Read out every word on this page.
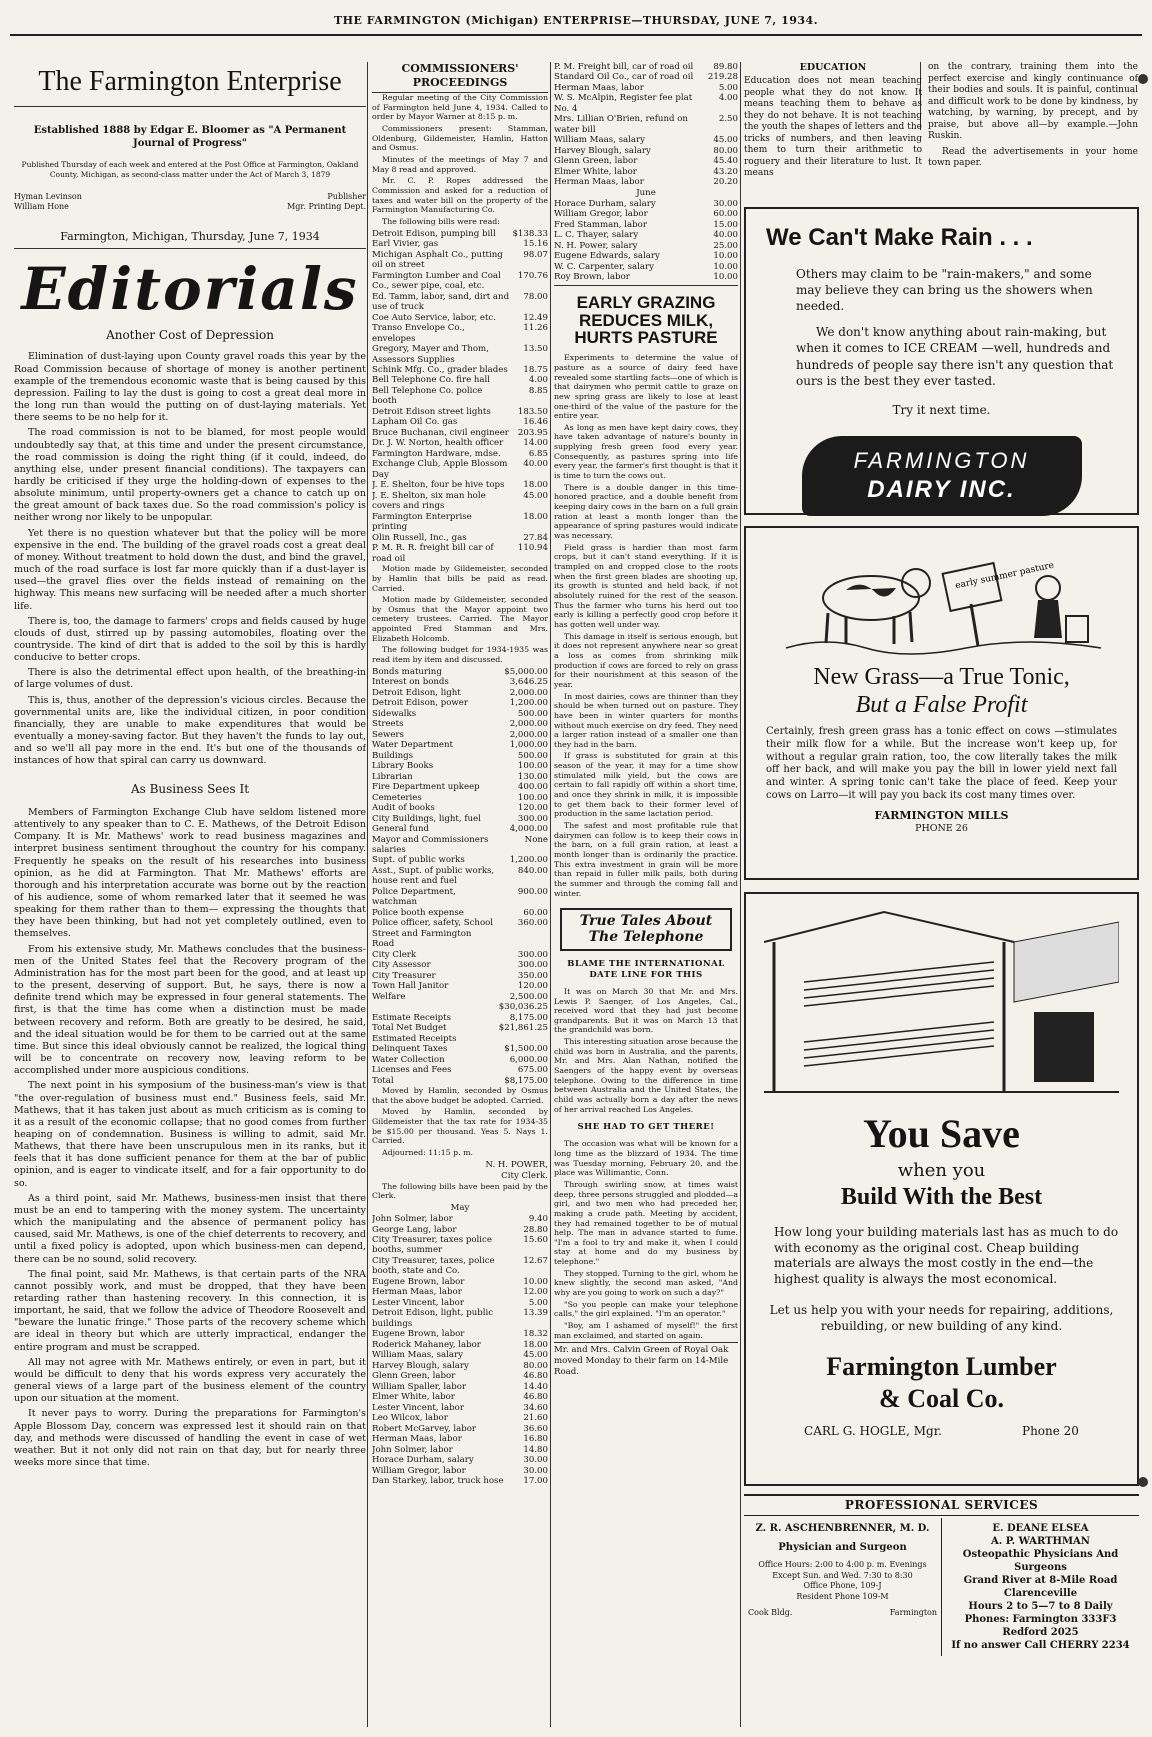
THE FARMINGTON (Michigan) ENTERPRISE—THURSDAY, JUNE 7, 1934.
The Farmington Enterprise
Established 1888 by Edgar E. Bloomer as "A Permanent Journal of Progress"
Published Thursday of each week and entered at the Post Office at Farmington, Oakland County, Michigan, as second-class matter under the Act of March 3, 1879
Hyman Levinson
William Hone
Publisher
Mgr. Printing Dept.
Farmington, Michigan, Thursday, June 7, 1934
Editorials
Another Cost of Depression

Elimination of dust-laying upon County gravel roads this year by the Road Commission because of shortage of money is another pertinent example of the tremendous economic waste that is being caused by this depression. Failing to lay the dust is going to cost a great deal more in the long run than would the putting on of dust-laying materials. Yet there seems to be no help for it.

The road commission is not to be blamed, for most people would undoubtedly say that, at this time and under the present circumstance, the road commission is doing the right thing (if it could, indeed, do anything else, under present financial conditions). The taxpayers can hardly be criticised if they urge the holding-down of expenses to the absolute minimum, until property-owners get a chance to catch up on the great amount of back taxes due. So the road commission's policy is neither wrong nor likely to be unpopular.

Yet there is no question whatever but that the policy will be more expensive in the end. The building of the gravel roads cost a great deal of money. Without treatment to hold down the dust, and bind the gravel, much of the road surface is lost far more quickly than if a dust-layer is used—the gravel flies over the fields instead of remaining on the highway. This means new surfacing will be needed after a much shorter life.

There is, too, the damage to farmers' crops and fields caused by huge clouds of dust, stirred up by passing automobiles, floating over the countryside. The kind of dirt that is added to the soil by this is hardly conducive to better crops.

There is also the detrimental effect upon health, of the breathing-in of large volumes of dust.

This is, thus, another of the depression's vicious circles. Because the governmental units are, like the individual citizen, in poor condition financially, they are unable to make expenditures that would be eventually a money-saving factor. But they haven't the funds to lay out, and so we'll all pay more in the end. It's but one of the thousands of instances of how that spiral can carry us downward.

As Business Sees It

Members of Farmington Exchange Club have seldom listened more attentively to any speaker than to C. E. Mathews, of the Detroit Edison Company. It is Mr. Mathews' work to read business magazines and interpret business sentiment throughout the country for his company. Frequently he speaks on the result of his researches into business opinion, as he did at Farmington. That Mr. Mathews' efforts are thorough and his interpretation accurate was borne out by the reaction of his audience, some of whom remarked later that it seemed he was speaking for them rather than to them— expressing the thoughts that they have been thinking, but had not yet completely outlined, even to themselves.

From his extensive study, Mr. Mathews concludes that the business-men of the United States feel that the Recovery program of the Administration has for the most part been for the good, and at least up to the present, deserving of support. But, he says, there is now a definite trend which may be expressed in four general statements. The first, is that the time has come when a distinction must be made between recovery and reform. Both are greatly to be desired, he said, and the ideal situation would be for them to be carried out at the same time. But since this ideal obviously cannot be realized, the logical thing will be to concentrate on recovery now, leaving reform to be accomplished under more auspicious conditions.

The next point in his symposium of the business-man's view is that "the over-regulation of business must end." Business feels, said Mr. Mathews, that it has taken just about as much criticism as is coming to it as a result of the economic collapse; that no good comes from further heaping on of condemnation. Business is willing to admit, said Mr. Mathews, that there have been unscrupulous men in its ranks, but it feels that it has done sufficient penance for them at the bar of public opinion, and is eager to vindicate itself, and for a fair opportunity to do so.

As a third point, said Mr. Mathews, business-men insist that there must be an end to tampering with the money system. The uncertainty which the manipulating and the absence of permanent policy has caused, said Mr. Mathews, is one of the chief deterrents to recovery, and until a fixed policy is adopted, upon which business-men can depend, there can be no sound, solid recovery.

The final point, said Mr. Mathews, is that certain parts of the NRA cannot possibly work, and must be dropped, that they have been retarding rather than hastening recovery. In this connection, it is important, he said, that we follow the advice of Theodore Roosevelt and "beware the lunatic fringe." Those parts of the recovery scheme which are ideal in theory but which are utterly impractical, endanger the entire program and must be scrapped.

All may not agree with Mr. Mathews entirely, or even in part, but it would be difficult to deny that his words express very accurately the general views of a large part of the business element of the country upon our situation at the moment.

It never pays to worry. During the preparations for Farmington's Apple Blossom Day, concern was expressed lest it should rain on that day, and methods were discussed of handling the event in case of wet weather. But it not only did not rain on that day, but for nearly three weeks more since that time.

COMMISSIONERS' PROCEEDINGS

Regular meeting of the City Commission of Farmington held June 4, 1934. Called to order by Mayor Warner at 8:15 p. m.

Commissioners present: Stamman, Oldenburg, Gildemeister, Hamlin, Hatton and Osmus.

Minutes of the meetings of May 7 and May 8 read and approved.

Mr. C. P. Ropes addressed the Commission and asked for a reduction of taxes and water bill on the property of the Farmington Manufacturing Co.

The following bills were read:

Detroit Edison, pumping bill	$138.33
Earl Vivier, gas	15.16
Michigan Asphalt Co., putting oil on street	98.07
Farmington Lumber and Coal Co., sewer pipe, coal, etc.	170.76
Ed. Tamm, labor, sand, dirt and use of truck	78.00
Coe Auto Service, labor, etc.	12.49
Transo Envelope Co., envelopes	11.26
Gregory, Mayer and Thom, Assessors Supplies	13.50
Schink Mfg. Co., grader blades	18.75
Bell Telephone Co. fire hall	4.00
Bell Telephone Co. police booth	8.85
Detroit Edison street lights	183.50
Lapham Oil Co. gas	16.46
Bruce Buchanan, civil engineer	203.95
Dr. J. W. Norton, health officer	14.00
Farmington Hardware, mdse.	6.85
Exchange Club, Apple Blossom Day	40.00
J. E. Shelton, four be hive tops	18.00
J. E. Shelton, six man hole covers and rings	45.00
Farmington Enterprise printing	18.00
Olin Russell, Inc., gas	27.84
P. M. R. R. freight bill car of road oil	110.94

Motion made by Gildemeister, seconded by Hamlin that bills be paid as read. Carried.

Motion made by Gildemeister, seconded by Osmus that the Mayor appoint two cemetery trustees. Carried. The Mayor appointed Fred Stamman and Mrs. Elizabeth Holcomb.

The following budget for 1934-1935 was read item by item and discussed.

Bonds maturing	$5,000.00
Interest on bonds	3,646.25
Detroit Edison, light	2,000.00
Detroit Edison, power	1,200.00
Sidewalks	500.00
Streets	2,000.00
Sewers	2,000.00
Water Department	1,000.00
Buildings	500.00
Library Books	100.00
Librarian	130.00
Fire Department upkeep	400.00
Cemeteries	100.00
Audit of books	120.00
City Buildings, light, fuel	300.00
General fund	4,000.00
Mayor and Commissioners salaries	None
Supt. of public works	1,200.00
Asst., Supt. of public works, house rent and fuel	840.00
Police Department, watchman	900.00
Police booth expense	60.00
Police officer, safety, School Street and Farmington Road	360.00
City Clerk	300.00
City Assessor	300.00
City Treasurer	350.00
Town Hall Janitor	120.00
Welfare	2,500.00
	$30,036.25
Estimate Receipts	8,175.00
Total Net Budget	$21,861.25
Estimated Receipts	
Delinquent Taxes	$1,500.00
Water Collection	6,000.00
Licenses and Fees	675.00
Total	$8,175.00

Moved by Hamlin, seconded by Osmus that the above budget be adopted. Carried.

Moved by Hamlin, seconded by Gildemeister that the tax rate for 1934-35 be $15.00 per thousand. Yeas 5. Nays 1. Carried.

Adjourned: 11:15 p. m.

N. H. POWER,
City Clerk.

The following bills have been paid by the Clerk.

May
John Solmer, labor	9.40
George Lang, labor	28.80
City Treasurer, taxes police booths, summer	15.60
City Treasurer, taxes, police booth, state and Co.	12.67
Eugene Brown, labor	10.00
Herman Maas, labor	12.00
Lester Vincent, labor	5.00
Detroit Edison, light, public buildings	13.39
Eugene Brown, labor	18.32
Roderick Mahaney, labor	18.00
William Maas, salary	45.00
Harvey Blough, salary	80.00
Glenn Green, labor	46.80
William Spaller, labor	14.40
Elmer White, labor	46.80
Lester Vincent, labor	34.60
Leo Wilcox, labor	21.60
Robert McGarvey, labor	36.60
Herman Maas, labor	16.80
John Solmer, labor	14.80
Horace Durham, salary	30.00
William Gregor, labor	30.00
Dan Starkey, labor, truck hose	17.00
P. M. Freight bill, car of road oil	89.80
Standard Oil Co., car of road oil	219.28
Herman Maas, labor	5.00
W. S. McAlpin, Register fee plat No. 4	4.00
Mrs. Lillian O'Brien, refund on water bill	2.50
William Maas, salary	45.00
Harvey Blough, salary	80.00
Glenn Green, labor	45.40
Elmer White, labor	43.20
Herman Maas, labor	20.20
June
Horace Durham, salary	30.00
William Gregor, labor	60.00
Fred Stamman, labor	15.00
L. C. Thayer, salary	40.00
N. H. Power, salary	25.00
Eugene Edwards, salary	10.00
W. C. Carpenter, salary	10.00
Roy Brown, labor	10.00
EARLY GRAZING REDUCES MILK, HURTS PASTURE

Experiments to determine the value of pasture as a source of dairy feed have revealed some startling facts—one of which is that dairymen who permit cattle to graze on new spring grass are likely to lose at least one-third of the value of the pasture for the entire year.

As long as men have kept dairy cows, they have taken advantage of nature's bounty in supplying fresh green food every year. Consequently, as pastures spring into life every year, the farmer's first thought is that it is time to turn the cows out.

There is a double danger in this time-honored practice, and a double benefit from keeping dairy cows in the barn on a full grain ration at least a month longer than the appearance of spring pastures would indicate was necessary.

Field grass is hardier than most farm crops, but it can't stand everything. If it is trampled on and cropped close to the roots when the first green blades are shooting up, its growth is stunted and held back, if not absolutely ruined for the rest of the season. Thus the farmer who turns his herd out too early is killing a perfectly good crop before it has gotten well under way.

This damage in itself is serious enough, but it does not represent anywhere near so great a loss as comes from shrinking milk production if cows are forced to rely on grass for their nourishment at this season of the year.

In most dairies, cows are thinner than they should be when turned out on pasture. They have been in winter quarters for months without much exercise on dry feed. They need a larger ration instead of a smaller one than they had in the barn.

If grass is substituted for grain at this season of the year, it may for a time show stimulated milk yield, but the cows are certain to fall rapidly off within a short time, and once they shrink in milk, it is impossible to get them back to their former level of production in the same lactation period.

The safest and most profitable rule that dairymen can follow is to keep their cows in the barn, on a full grain ration, at least a month longer than is ordinarily the practice. This extra investment in grain will be more than repaid in fuller milk pails, both during the summer and through the coming fall and winter.

True Tales About The Telephone
BLAME THE INTERNATIONAL DATE LINE FOR THIS

It was on March 30 that Mr. and Mrs. Lewis P. Saenger, of Los Angeles, Cal., received word that they had just become grandparents. But it was on March 13 that the grandchild was born.

This interesting situation arose because the child was born in Australia, and the parents, Mr. and Mrs. Alan Nathan, notified the Saengers of the happy event by overseas telephone. Owing to the difference in time between Australia and the United States, the child was actually born a day after the news of her arrival reached Los Angeles.

SHE HAD TO GET THERE!

The occasion was what will be known for a long time as the blizzard of 1934. The time was Tuesday morning, February 20, and the place was Willimantic, Conn.

Through swirling snow, at times waist deep, three persons struggled and plodded—a girl, and two men who had preceded her, making a crude path. Meeting by accident, they had remained together to be of mutual help. The man in advance started to fume. "I'm a fool to try and make it, when I could stay at home and do my business by telephone."

They stopped. Turning to the girl, whom he knew slightly, the second man asked, "And why are you going to work on such a day?"

"So you people can make your telephone calls," the girl explained. "I'm an operator."

"Boy, am I ashamed of myself!" the first man exclaimed, and started on again.

Mr. and Mrs. Calvin Green of Royal Oak moved Monday to their farm on 14-Mile Road.
EDUCATION
Education does not mean teaching people what they do not know. It means teaching them to behave as they do not behave. It is not teaching the youth the shapes of letters and the tricks of numbers, and then leaving them to turn their arithmetic to roguery and their literature to lust. It means
on the contrary, training them into the perfect exercise and kingly continuance of their bodies and souls. It is painful, continual and difficult work to be done by kindness, by watching, by warning, by precept, and by praise, but above all—by example.—John Ruskin.
Read the advertisements in your home town paper.
We Can't Make Rain . . .

Others may claim to be "rain-makers," and some may believe they can bring us the showers when needed.

We don't know anything about rain-making, but when it comes to ICE CREAM —well, hundreds and hundreds of people say there isn't any question that ours is the best they ever tasted.

Try it next time.
FARMINGTON
DAIRY INC.
early summer pasture
New Grass—a True Tonic,
But a False Profit
Certainly, fresh green grass has a tonic effect on cows —stimulates their milk flow for a while. But the increase won't keep up, for without a regular grain ration, too, the cow literally takes the milk off her back, and will make you pay the bill in lower yield next fall and winter. A spring tonic can't take the place of feed. Keep your cows on Larro—it will pay you back its cost many times over.
FARMINGTON MILLS
PHONE 26
You Save
when you
Build With the Best
How long your building materials last has as much to do with economy as the original cost. Cheap building materials are always the most costly in the end—the highest quality is always the most economical.
Let us help you with your needs for repairing, additions, rebuilding, or new building of any kind.
Farmington Lumber
& Coal Co.
CARL G. HOGLE, Mgr.	Phone 20
PROFESSIONAL SERVICES
Z. R. ASCHENBRENNER, M. D.
Physician and Surgeon
Office Hours: 2:00 to 4:00 p. m. Evenings Except Sun. and Wed. 7:30 to 8:30
Office Phone, 109-J
Resident Phone 109-M
Cook Bldg.	Farmington
E. DEANE ELSEA
A. P. WARTHMAN
Osteopathic Physicians And Surgeons
Grand River at 8-Mile Road Clarenceville
Hours 2 to 5—7 to 8 Daily
Phones: Farmington 333F3 Redford 2025
If no answer Call CHERRY 2234
